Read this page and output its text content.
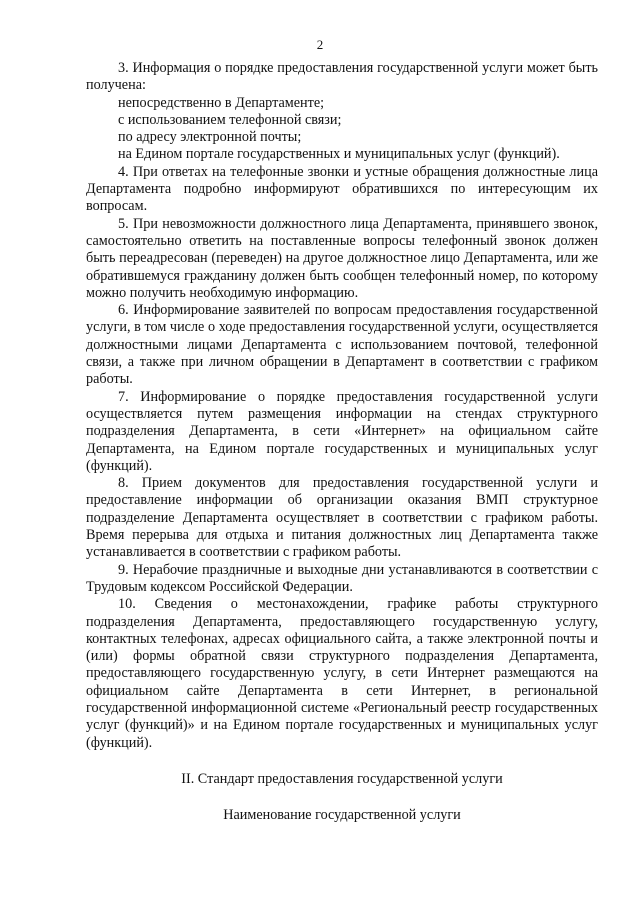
2

3. Информация о порядке предоставления государственной услуги может быть получена:

непосредственно в Департаменте;

с использованием телефонной связи;

по адресу электронной почты;

на Едином портале государственных и муниципальных услуг (функций).

4. При ответах на телефонные звонки и устные обращения должностные лица Департамента подробно информируют обратившихся по интересующим их вопросам.

5. При невозможности должностного лица Департамента, принявшего звонок, самостоятельно ответить на поставленные вопросы телефонный звонок должен быть переадресован (переведен) на другое должностное лицо Департамента, или же обратившемуся гражданину должен быть сообщен телефонный номер, по которому можно получить необходимую информацию.

6. Информирование заявителей по вопросам предоставления государственной услуги, в том числе о ходе предоставления государственной услуги, осуществляется должностными лицами Департамента с использованием почтовой, телефонной связи, а также при личном обращении в Департамент в соответствии с графиком работы.

7. Информирование о порядке предоставления государственной услуги осуществляется путем размещения информации на стендах структурного подразделения Департамента, в сети «Интернет» на официальном сайте Департамента, на Едином портале государственных и муниципальных услуг (функций).

8. Прием документов для предоставления государственной услуги и предоставление информации об организации оказания ВМП структурное подразделение Департамента осуществляет в соответствии с графиком работы. Время перерыва для отдыха и питания должностных лиц Департамента также устанавливается в соответствии с графиком работы.

9. Нерабочие праздничные и выходные дни устанавливаются в соответствии с Трудовым кодексом Российской Федерации.

10. Сведения о местонахождении, графике работы структурного подразделения Департамента, предоставляющего государственную услугу, контактных телефонах, адресах официального сайта, а также электронной почты и (или) формы обратной связи структурного подразделения Департамента, предоставляющего государственную услугу, в сети Интернет размещаются на официальном сайте Департамента в сети Интернет, в региональной государственной информационной системе «Региональный реестр государственных услуг (функций)» и на Едином портале государственных и муниципальных услуг (функций).

II. Стандарт предоставления государственной услуги

Наименование государственной услуги
